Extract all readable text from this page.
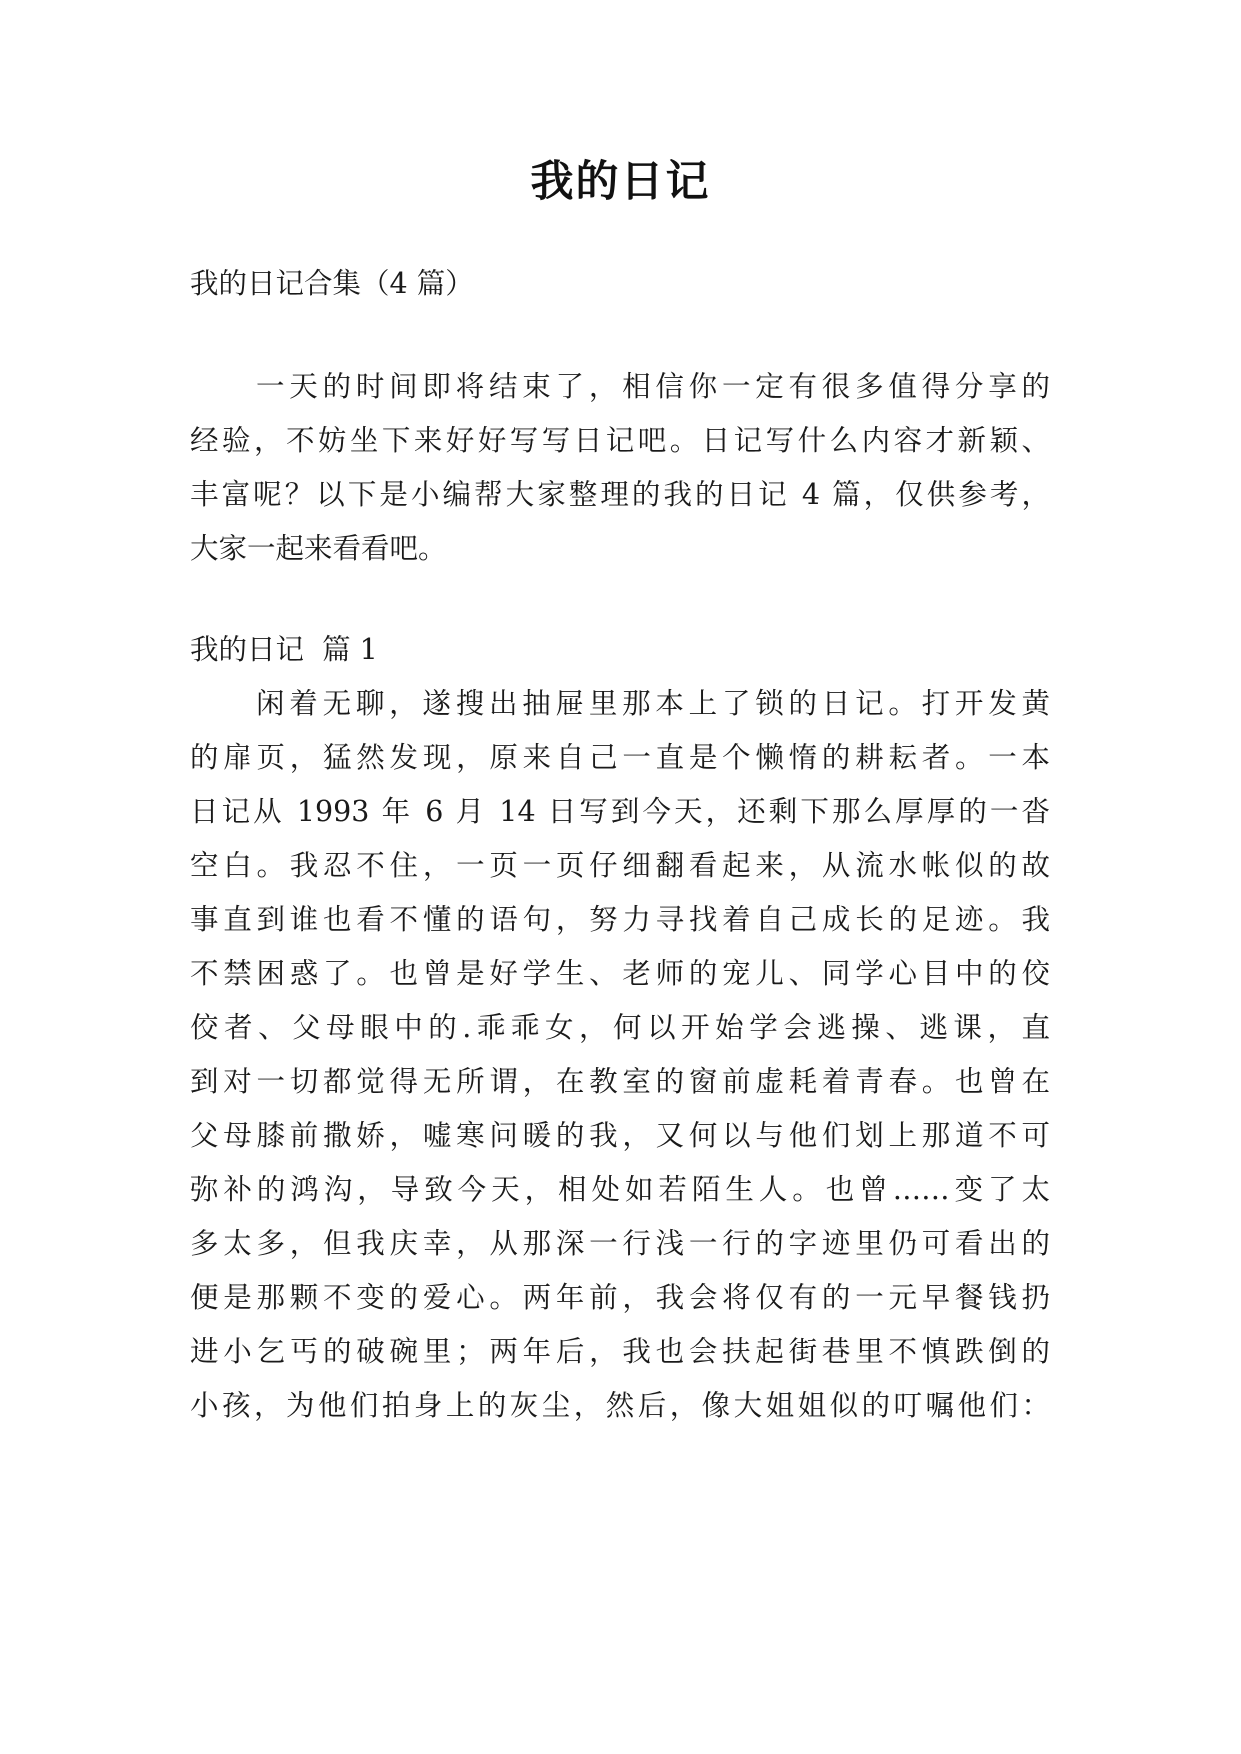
我的日记
我的日记合集（4 篇）
一天的时间即将结束了，相信你一定有很多值得分享的
经验，不妨坐下来好好写写日记吧。日记写什么内容才新颖、
丰富呢？以下是小编帮大家整理的我的日记 4 篇，仅供参考，
大家一起来看看吧。
我的日记  篇 1
闲着无聊，遂搜出抽屉里那本上了锁的日记。打开发黄
的扉页，猛然发现，原来自己一直是个懒惰的耕耘者。一本
日记从 1993 年 6 月 14 日写到今天，还剩下那么厚厚的一沓
空白。我忍不住，一页一页仔细翻看起来，从流水帐似的故
事直到谁也看不懂的语句，努力寻找着自己成长的足迹。我
不禁困惑了。也曾是好学生、老师的宠儿、同学心目中的佼
佼者、父母眼中的.乖乖女，何以开始学会逃操、逃课，直
到对一切都觉得无所谓，在教室的窗前虚耗着青春。也曾在
父母膝前撒娇，嘘寒问暖的我，又何以与他们划上那道不可
弥补的鸿沟，导致今天，相处如若陌生人。也曾……变了太
多太多，但我庆幸，从那深一行浅一行的字迹里仍可看出的
便是那颗不变的爱心。两年前，我会将仅有的一元早餐钱扔
进小乞丐的破碗里；两年后，我也会扶起街巷里不慎跌倒的
小孩，为他们拍身上的灰尘，然后，像大姐姐似的叮嘱他们：
